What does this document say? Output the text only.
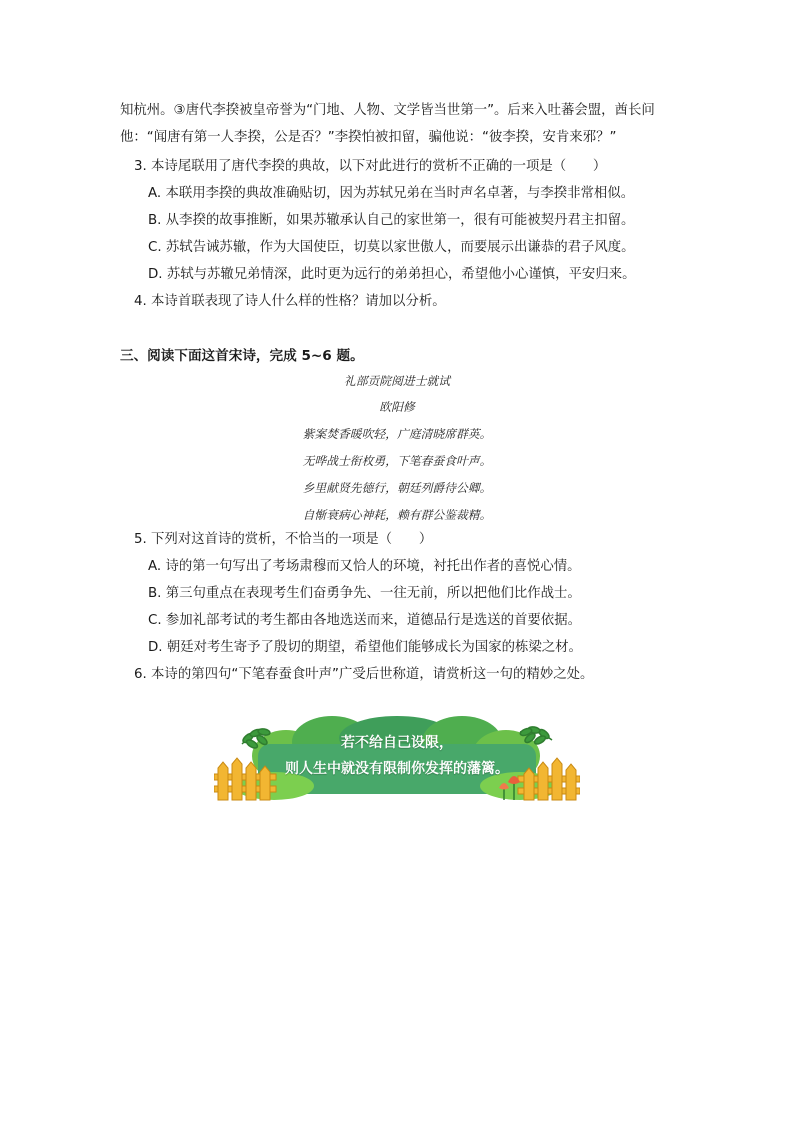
知杭州。③唐代李揆被皇帝誉为“门地、人物、文学皆当世第一”。后来入吐蕃会盟，酋长问
他：“闻唐有第一人李揆，公是否？”李揆怕被扣留，骗他说：“彼李揆，安肯来邪？”
3. 本诗尾联用了唐代李揆的典故，以下对此进行的赏析不正确的一项是（　　）
A. 本联用李揆的典故准确贴切，因为苏轼兄弟在当时声名卓著，与李揆非常相似。
B. 从李揆的故事推断，如果苏辙承认自己的家世第一，很有可能被契丹君主扣留。
C. 苏轼告诫苏辙，作为大国使臣，切莫以家世傲人，而要展示出谦恭的君子风度。
D. 苏轼与苏辙兄弟情深，此时更为远行的弟弟担心，希望他小心谨慎，平安归来。
4. 本诗首联表现了诗人什么样的性格？请加以分析。
三、阅读下面这首宋诗，完成 5~6 题。
礼部贡院阅进士就试
欧阳修
紫案焚香暖吹轻，广庭清晓席群英。
无哗战士衔枚勇，下笔春蚕食叶声。
乡里献贤先德行，朝廷列爵待公卿。
自惭衰病心神耗，赖有群公鉴裁精。
5. 下列对这首诗的赏析，不恰当的一项是（　　）
A. 诗的第一句写出了考场肃穆而又恰人的环境，衬托出作者的喜悦心情。
B. 第三句重点在表现考生们奋勇争先、一往无前，所以把他们比作战士。
C. 参加礼部考试的考生都由各地选送而来，道德品行是选送的首要依据。
D. 朝廷对考生寄予了殷切的期望，希望他们能够成长为国家的栋梁之材。
6. 本诗的第四句“下笔春蚕食叶声”广受后世称道，请赏析这一句的精妙之处。
若不给自己设限，
则人生中就没有限制你发挥的藩篱。
